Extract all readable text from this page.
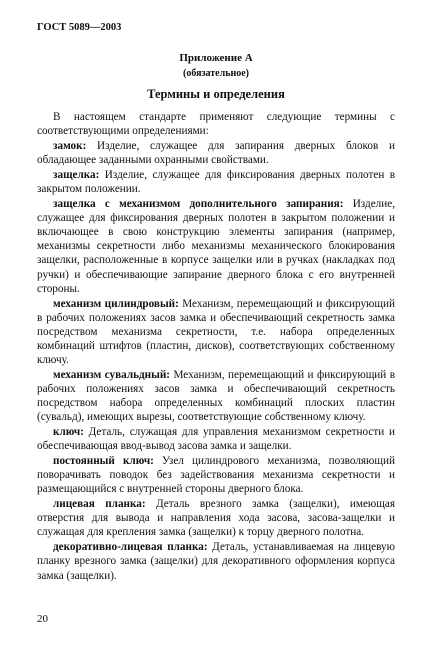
ГОСТ 5089—2003
Приложение А
(обязательное)
Термины и определения

В настоящем стандарте применяют следующие термины с соответствующими определениями:

замок: Изделие, служащее для запирания дверных блоков и обладающее заданными охранными свойствами.

защелка: Изделие, служащее для фиксирования дверных полотен в закрытом положении.

защелка с механизмом дополнительного запирания: Изделие, служащее для фиксирования дверных полотен в закрытом положении и включающее в свою конструкцию элементы запирания (например, механизмы секретности либо механизмы механического блокирования защелки, расположенные в корпусе защелки или в ручках (накладках под ручки) и обеспечивающие запирание дверного блока с его внутренней стороны.

механизм цилиндровый: Механизм, перемещающий и фиксирующий в рабочих положениях засов замка и обеспечивающий секретность замка посредством механизма секретности, т.е. набора определенных комбинаций штифтов (пластин, дисков), соответствующих собственному ключу.

механизм сувальдный: Механизм, перемещающий и фиксирующий в рабочих положениях засов замка и обеспечивающий секретность посредством набора определенных комбинаций плоских пластин (сувальд), имеющих вырезы, соответствующие собственному ключу.

ключ: Деталь, служащая для управления механизмом секретности и обеспечивающая ввод-вывод засова замка и защелки.

постоянный ключ: Узел цилиндрового механизма, позволяющий поворачивать поводок без задействования механизма секретности и размещающийся с внутренней стороны дверного блока.

лицевая планка: Деталь врезного замка (защелки), имеющая отверстия для вывода и направления хода засова, засова-защелки и служащая для крепления замка (защелки) к торцу дверного полотна.

декоративно-лицевая планка: Деталь, устанавливаемая на лицевую планку врезного замка (защелки) для декоративного оформления корпуса замка (защелки).

20
